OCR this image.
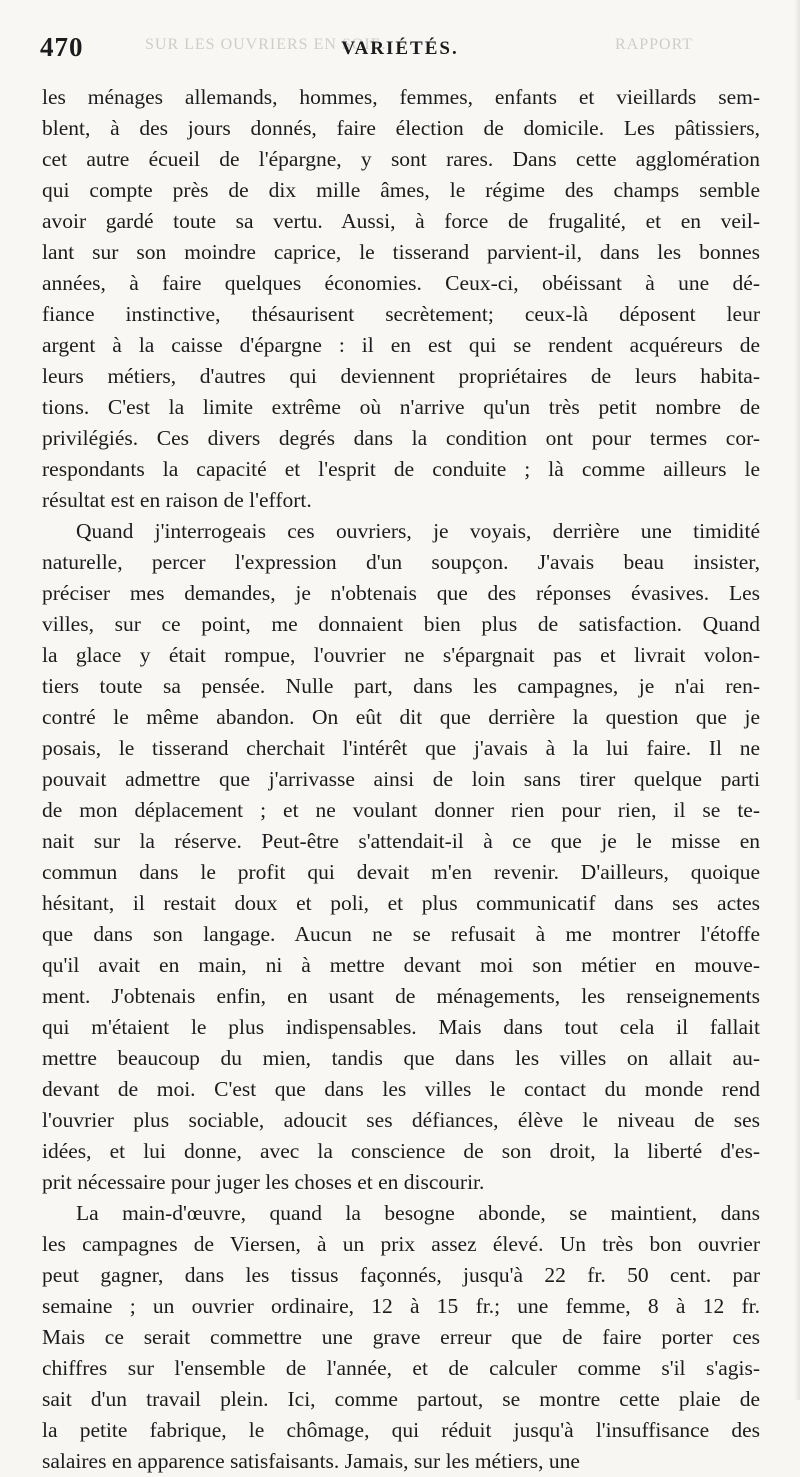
470	SUR LES OUVRIERS EN SOIE.
VARIÉTÉS.	RAPPORT
les ménages allemands, hommes, femmes, enfants et vieillards sem-
blent, à des jours donnés, faire élection de domicile. Les pâtissiers,
cet autre écueil de l'épargne, y sont rares. Dans cette agglomération
qui compte près de dix mille âmes, le régime des champs semble
avoir gardé toute sa vertu. Aussi, à force de frugalité, et en veil-
lant sur son moindre caprice, le tisserand parvient-il, dans les bonnes
années, à faire quelques économies. Ceux-ci, obéissant à une dé-
fiance instinctive, thésaurisent secrètement; ceux-là déposent leur
argent à la caisse d'épargne : il en est qui se rendent acquéreurs de
leurs métiers, d'autres qui deviennent propriétaires de leurs habita-
tions. C'est la limite extrême où n'arrive qu'un très petit nombre de
privilégiés. Ces divers degrés dans la condition ont pour termes cor-
respondants la capacité et l'esprit de conduite ; là comme ailleurs le
résultat est en raison de l'effort.
Quand j'interrogeais ces ouvriers, je voyais, derrière une timidité
naturelle, percer l'expression d'un soupçon. J'avais beau insister,
préciser mes demandes, je n'obtenais que des réponses évasives. Les
villes, sur ce point, me donnaient bien plus de satisfaction. Quand
la glace y était rompue, l'ouvrier ne s'épargnait pas et livrait volon-
tiers toute sa pensée. Nulle part, dans les campagnes, je n'ai ren-
contré le même abandon. On eût dit que derrière la question que je
posais, le tisserand cherchait l'intérêt que j'avais à la lui faire. Il ne
pouvait admettre que j'arrivasse ainsi de loin sans tirer quelque parti
de mon déplacement ; et ne voulant donner rien pour rien, il se te-
nait sur la réserve. Peut-être s'attendait-il à ce que je le misse en
commun dans le profit qui devait m'en revenir. D'ailleurs, quoique
hésitant, il restait doux et poli, et plus communicatif dans ses actes
que dans son langage. Aucun ne se refusait à me montrer l'étoffe
qu'il avait en main, ni à mettre devant moi son métier en mouve-
ment. J'obtenais enfin, en usant de ménagements, les renseignements
qui m'étaient le plus indispensables. Mais dans tout cela il fallait
mettre beaucoup du mien, tandis que dans les villes on allait au-
devant de moi. C'est que dans les villes le contact du monde rend
l'ouvrier plus sociable, adoucit ses défiances, élève le niveau de ses
idées, et lui donne, avec la conscience de son droit, la liberté d'es-
prit nécessaire pour juger les choses et en discourir.
La main-d'œuvre, quand la besogne abonde, se maintient, dans
les campagnes de Viersen, à un prix assez élevé. Un très bon ouvrier
peut gagner, dans les tissus façonnés, jusqu'à 22 fr. 50 cent. par
semaine ; un ouvrier ordinaire, 12 à 15 fr.; une femme, 8 à 12 fr.
Mais ce serait commettre une grave erreur que de faire porter ces
chiffres sur l'ensemble de l'année, et de calculer comme s'il s'agis-
sait d'un travail plein. Ici, comme partout, se montre cette plaie de
la petite fabrique, le chômage, qui réduit jusqu'à l'insuffisance des
salaires en apparence satisfaisants. Jamais, sur les métiers, une
